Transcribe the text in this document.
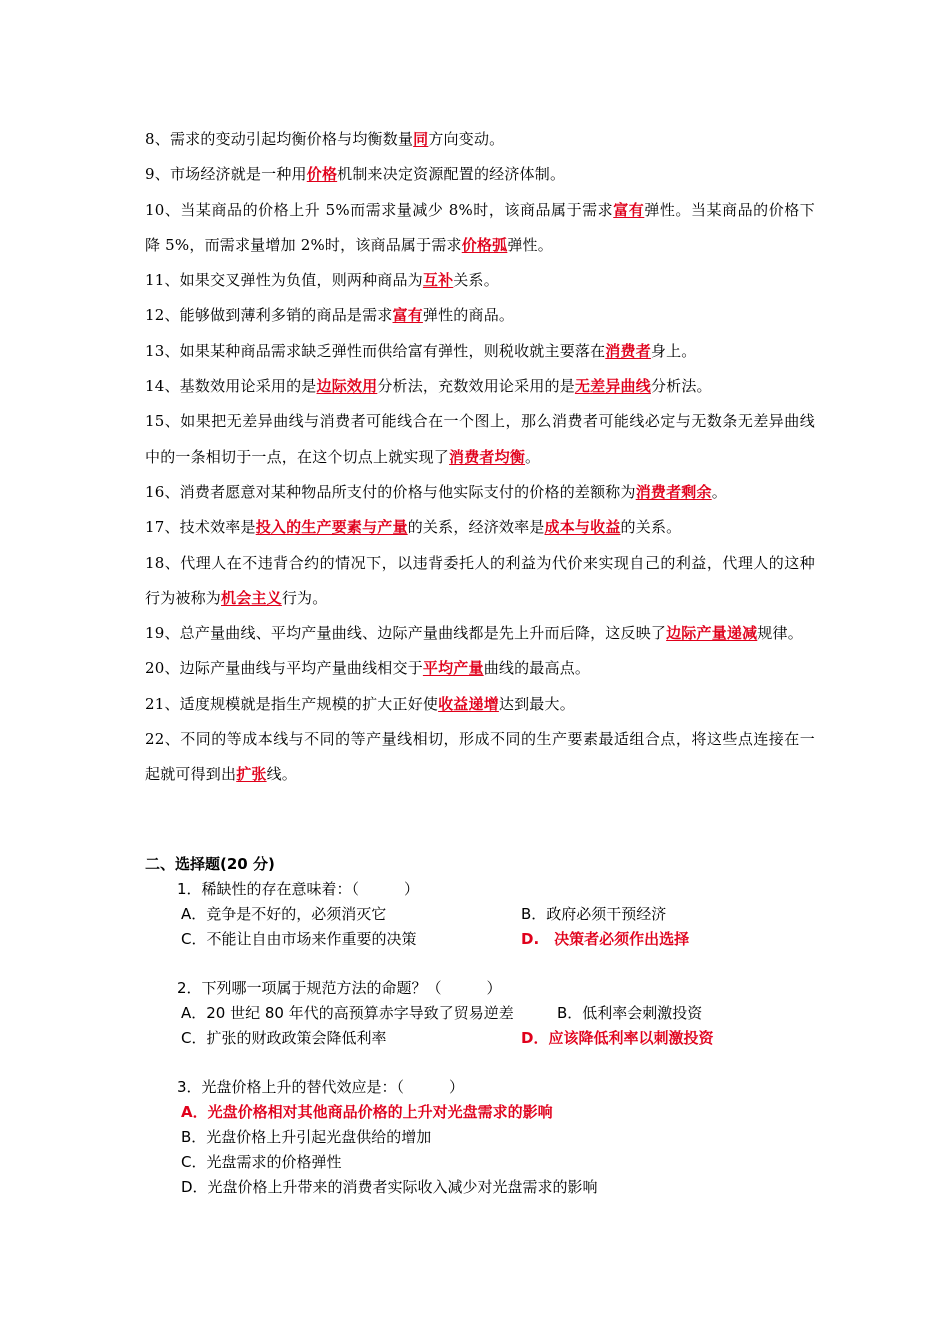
8、需求的变动引起均衡价格与均衡数量同方向变动。

9、市场经济就是一种用价格机制来决定资源配置的经济体制。

10、当某商品的价格上升 5%而需求量减少 8%时，该商品属于需求富有弹性。当某商品的价格下降 5%，而需求量增加 2%时，该商品属于需求价格弧弹性。

11、如果交叉弹性为负值，则两种商品为互补关系。

12、能够做到薄利多销的商品是需求富有弹性的商品。

13、如果某种商品需求缺乏弹性而供给富有弹性，则税收就主要落在消费者身上。

14、基数效用论采用的是边际效用分析法，充数效用论采用的是无差异曲线分析法。

15、如果把无差异曲线与消费者可能线合在一个图上，那么消费者可能线必定与无数条无差异曲线中的一条相切于一点，在这个切点上就实现了消费者均衡。

16、消费者愿意对某种物品所支付的价格与他实际支付的价格的差额称为消费者剩余。

17、技术效率是投入的生产要素与产量的关系，经济效率是成本与收益的关系。

18、代理人在不违背合约的情况下，以违背委托人的利益为代价来实现自己的利益，代理人的这种行为被称为机会主义行为。

19、总产量曲线、平均产量曲线、边际产量曲线都是先上升而后降，这反映了边际产量递减规律。

20、边际产量曲线与平均产量曲线相交于平均产量曲线的最高点。

21、适度规模就是指生产规模的扩大正好使收益递增达到最大。

22、不同的等成本线与不同的等产量线相切，形成不同的生产要素最适组合点，将这些点连接在一起就可得到出扩张线。

二、选择题(20 分)

1．稀缺性的存在意味着：（　　　）

A．竞争是不好的，必须消灭它	B．政府必须干预经济
C．不能让自由市场来作重要的决策	D.　决策者必须作出选择

2．下列哪一项属于规范方法的命题？（　　　）

A．20 世纪 80 年代的高预算赤字导致了贸易逆差	B．低利率会刺激投资
C．扩张的财政政策会降低利率	D．应该降低利率以刺激投资

3．光盘价格上升的替代效应是：（　　　）

A．光盘价格相对其他商品价格的上升对光盘需求的影响
B．光盘价格上升引起光盘供给的增加
C．光盘需求的价格弹性
D．光盘价格上升带来的消费者实际收入减少对光盘需求的影响
